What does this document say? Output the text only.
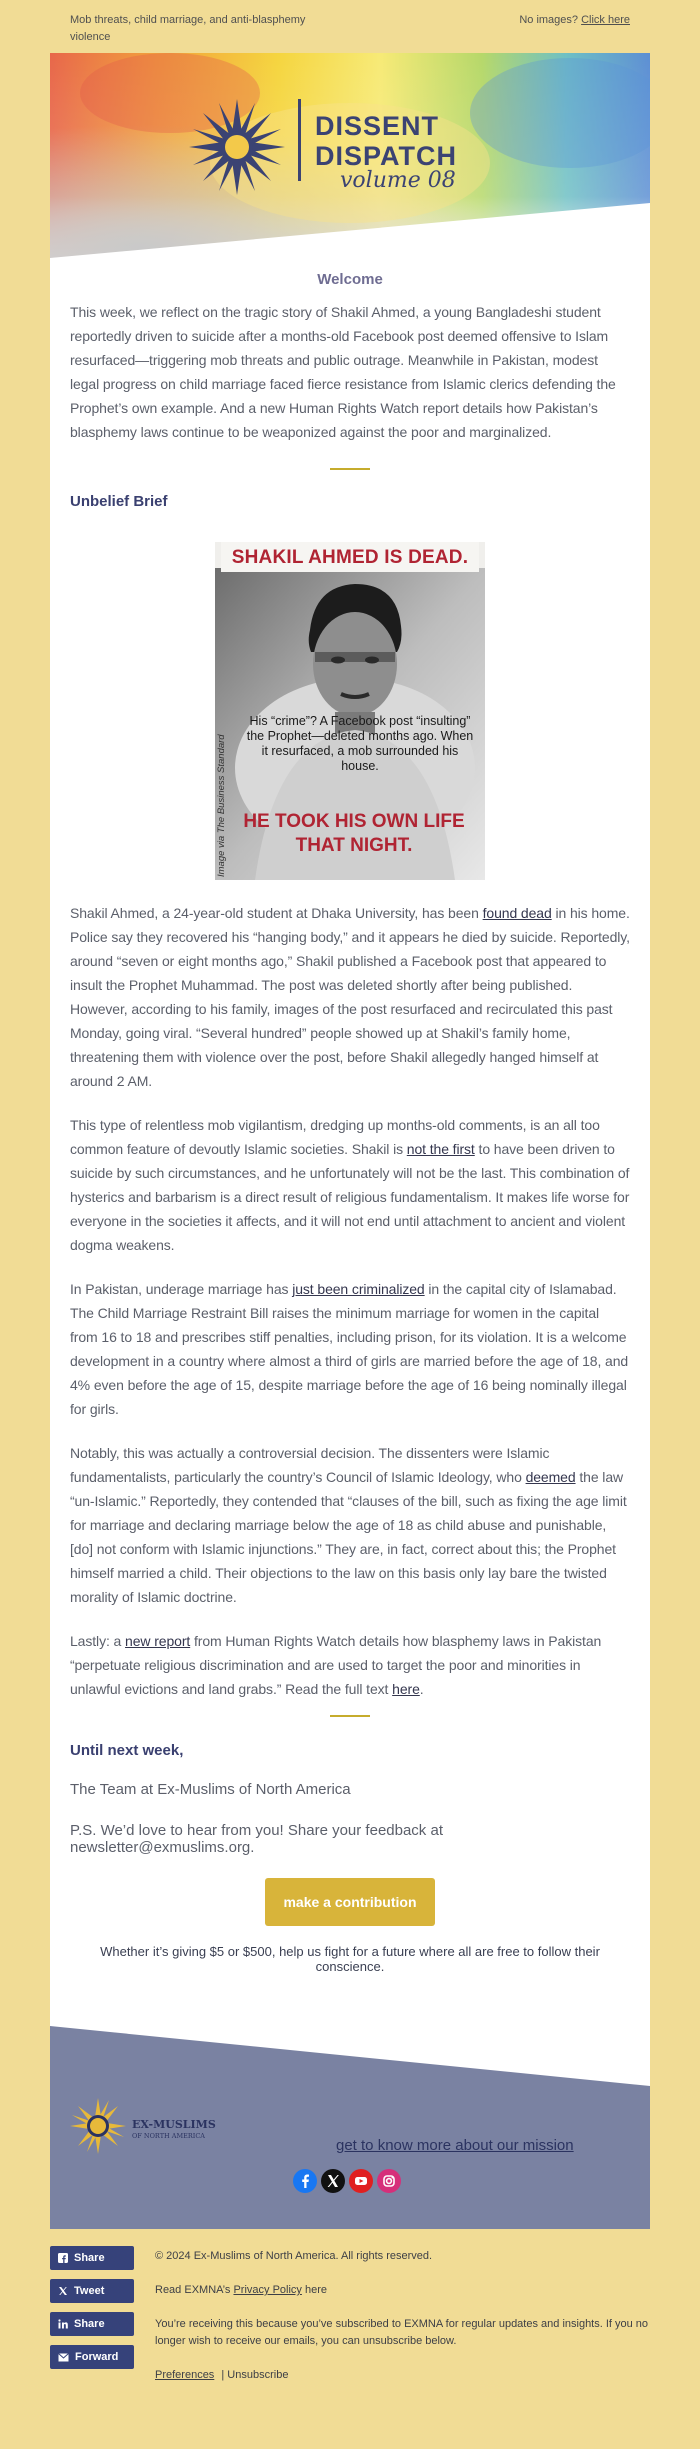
Mob threats, child marriage, and anti-blasphemy violence
No images? Click here
DISSENT
DISPATCH
volume 08
Welcome

This week, we reflect on the tragic story of Shakil Ahmed, a young Bangladeshi student reportedly driven to suicide after a months-old Facebook post deemed offensive to Islam resurfaced—triggering mob threats and public outrage. Meanwhile in Pakistan, modest legal progress on child marriage faced fierce resistance from Islamic clerics defending the Prophet’s own example. And a new Human Rights Watch report details how Pakistan’s blasphemy laws continue to be weaponized against the poor and marginalized.

Unbelief Brief
SHAKIL AHMED IS DEAD.
His “crime”? A Facebook post “insulting” the Prophet—deleted months ago. When it resurfaced, a mob surrounded his house.
HE TOOK HIS OWN LIFE THAT NIGHT.
Image via The Business Standard

Shakil Ahmed, a 24-year-old student at Dhaka University, has been found dead in his home. Police say they recovered his “hanging body,” and it appears he died by suicide. Reportedly, around “seven or eight months ago,” Shakil published a Facebook post that appeared to insult the Prophet Muhammad. The post was deleted shortly after being published. However, according to his family, images of the post resurfaced and recirculated this past Monday, going viral. “Several hundred” people showed up at Shakil’s family home, threatening them with violence over the post, before Shakil allegedly hanged himself at around 2 AM.

This type of relentless mob vigilantism, dredging up months-old comments, is an all too common feature of devoutly Islamic societies. Shakil is not the first to have been driven to suicide by such circumstances, and he unfortunately will not be the last. This combination of hysterics and barbarism is a direct result of religious fundamentalism. It makes life worse for everyone in the societies it affects, and it will not end until attachment to ancient and violent dogma weakens.

In Pakistan, underage marriage has just been criminalized in the capital city of Islamabad. The Child Marriage Restraint Bill raises the minimum marriage for women in the capital from 16 to 18 and prescribes stiff penalties, including prison, for its violation. It is a welcome development in a country where almost a third of girls are married before the age of 18, and 4% even before the age of 15, despite marriage before the age of 16 being nominally illegal for girls.

Notably, this was actually a controversial decision. The dissenters were Islamic fundamentalists, particularly the country’s Council of Islamic Ideology, who deemed the law “un-Islamic.” Reportedly, they contended that “clauses of the bill, such as fixing the age limit for marriage and declaring marriage below the age of 18 as child abuse and punishable, [do] not conform with Islamic injunctions.” They are, in fact, correct about this; the Prophet himself married a child. Their objections to the law on this basis only lay bare the twisted morality of Islamic doctrine.

Lastly: a new report from Human Rights Watch details how blasphemy laws in Pakistan “perpetuate religious discrimination and are used to target the poor and minorities in unlawful evictions and land grabs.” Read the full text here.

Until next week,
The Team at Ex-Muslims of North America
P.S. We’d love to hear from you! Share your feedback at newsletter@exmuslims.org.
make a contribution
Whether it’s giving $5 or $500, help us fight for a future where all are free to follow their conscience.
EX-MUSLIMS
OF NORTH AMERICA
get to know more about our mission
Share
Tweet
Share
Forward

© 2024 Ex-Muslims of North America. All rights reserved.

Read EXMNA’s Privacy Policy here

You’re receiving this because you’ve subscribed to EXMNA for regular updates and insights. If you no longer wish to receive our emails, you can unsubscribe below.

Preferences | Unsubscribe
